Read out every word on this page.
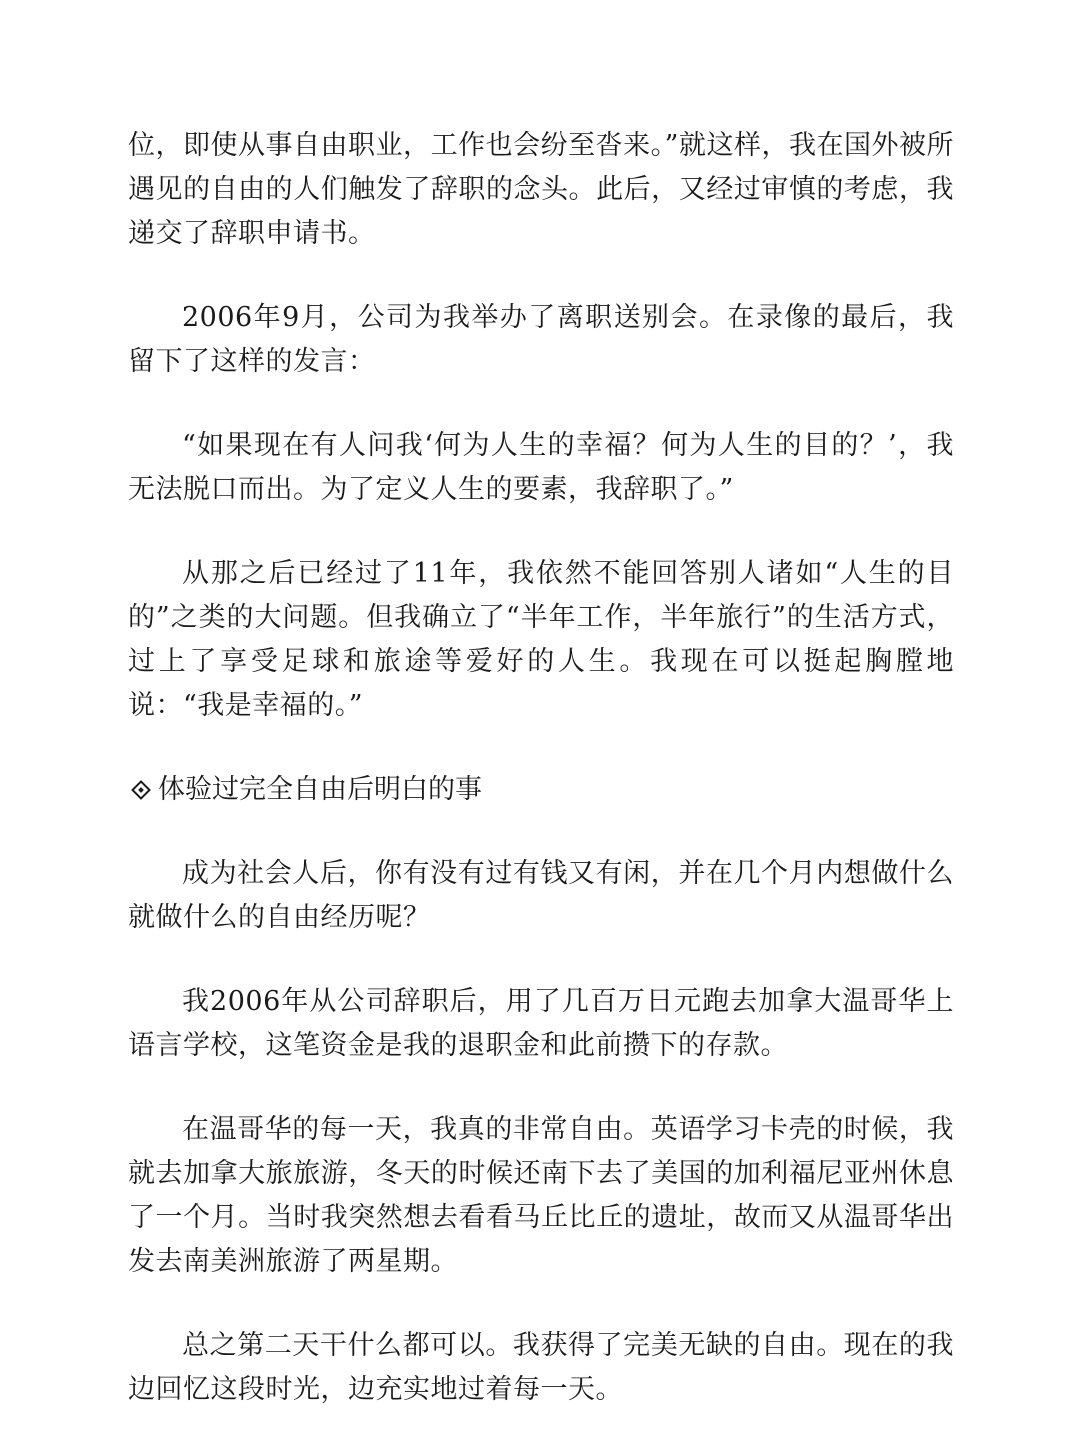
位，即使从事自由职业，工作也会纷至沓来。”就这样，我在国外被所遇见的自由的人们触发了辞职的念头。此后，又经过审慎的考虑，我递交了辞职申请书。

2006年9月，公司为我举办了离职送别会。在录像的最后，我留下了这样的发言：

“如果现在有人问我‘何为人生的幸福？何为人生的目的？’，我无法脱口而出。为了定义人生的要素，我辞职了。”

从那之后已经过了11年，我依然不能回答别人诸如“人生的目的”之类的大问题。但我确立了“半年工作，半年旅行”的生活方式，过上了享受足球和旅途等爱好的人生。我现在可以挺起胸膛地说：“我是幸福的。”

体验过完全自由后明白的事

成为社会人后，你有没有过有钱又有闲，并在几个月内想做什么就做什么的自由经历呢？

我2006年从公司辞职后，用了几百万日元跑去加拿大温哥华上语言学校，这笔资金是我的退职金和此前攒下的存款。

在温哥华的每一天，我真的非常自由。英语学习卡壳的时候，我就去加拿大旅旅游，冬天的时候还南下去了美国的加利福尼亚州休息了一个月。当时我突然想去看看马丘比丘的遗址，故而又从温哥华出发去南美洲旅游了两星期。

总之第二天干什么都可以。我获得了完美无缺的自由。现在的我边回忆这段时光，边充实地过着每一天。
